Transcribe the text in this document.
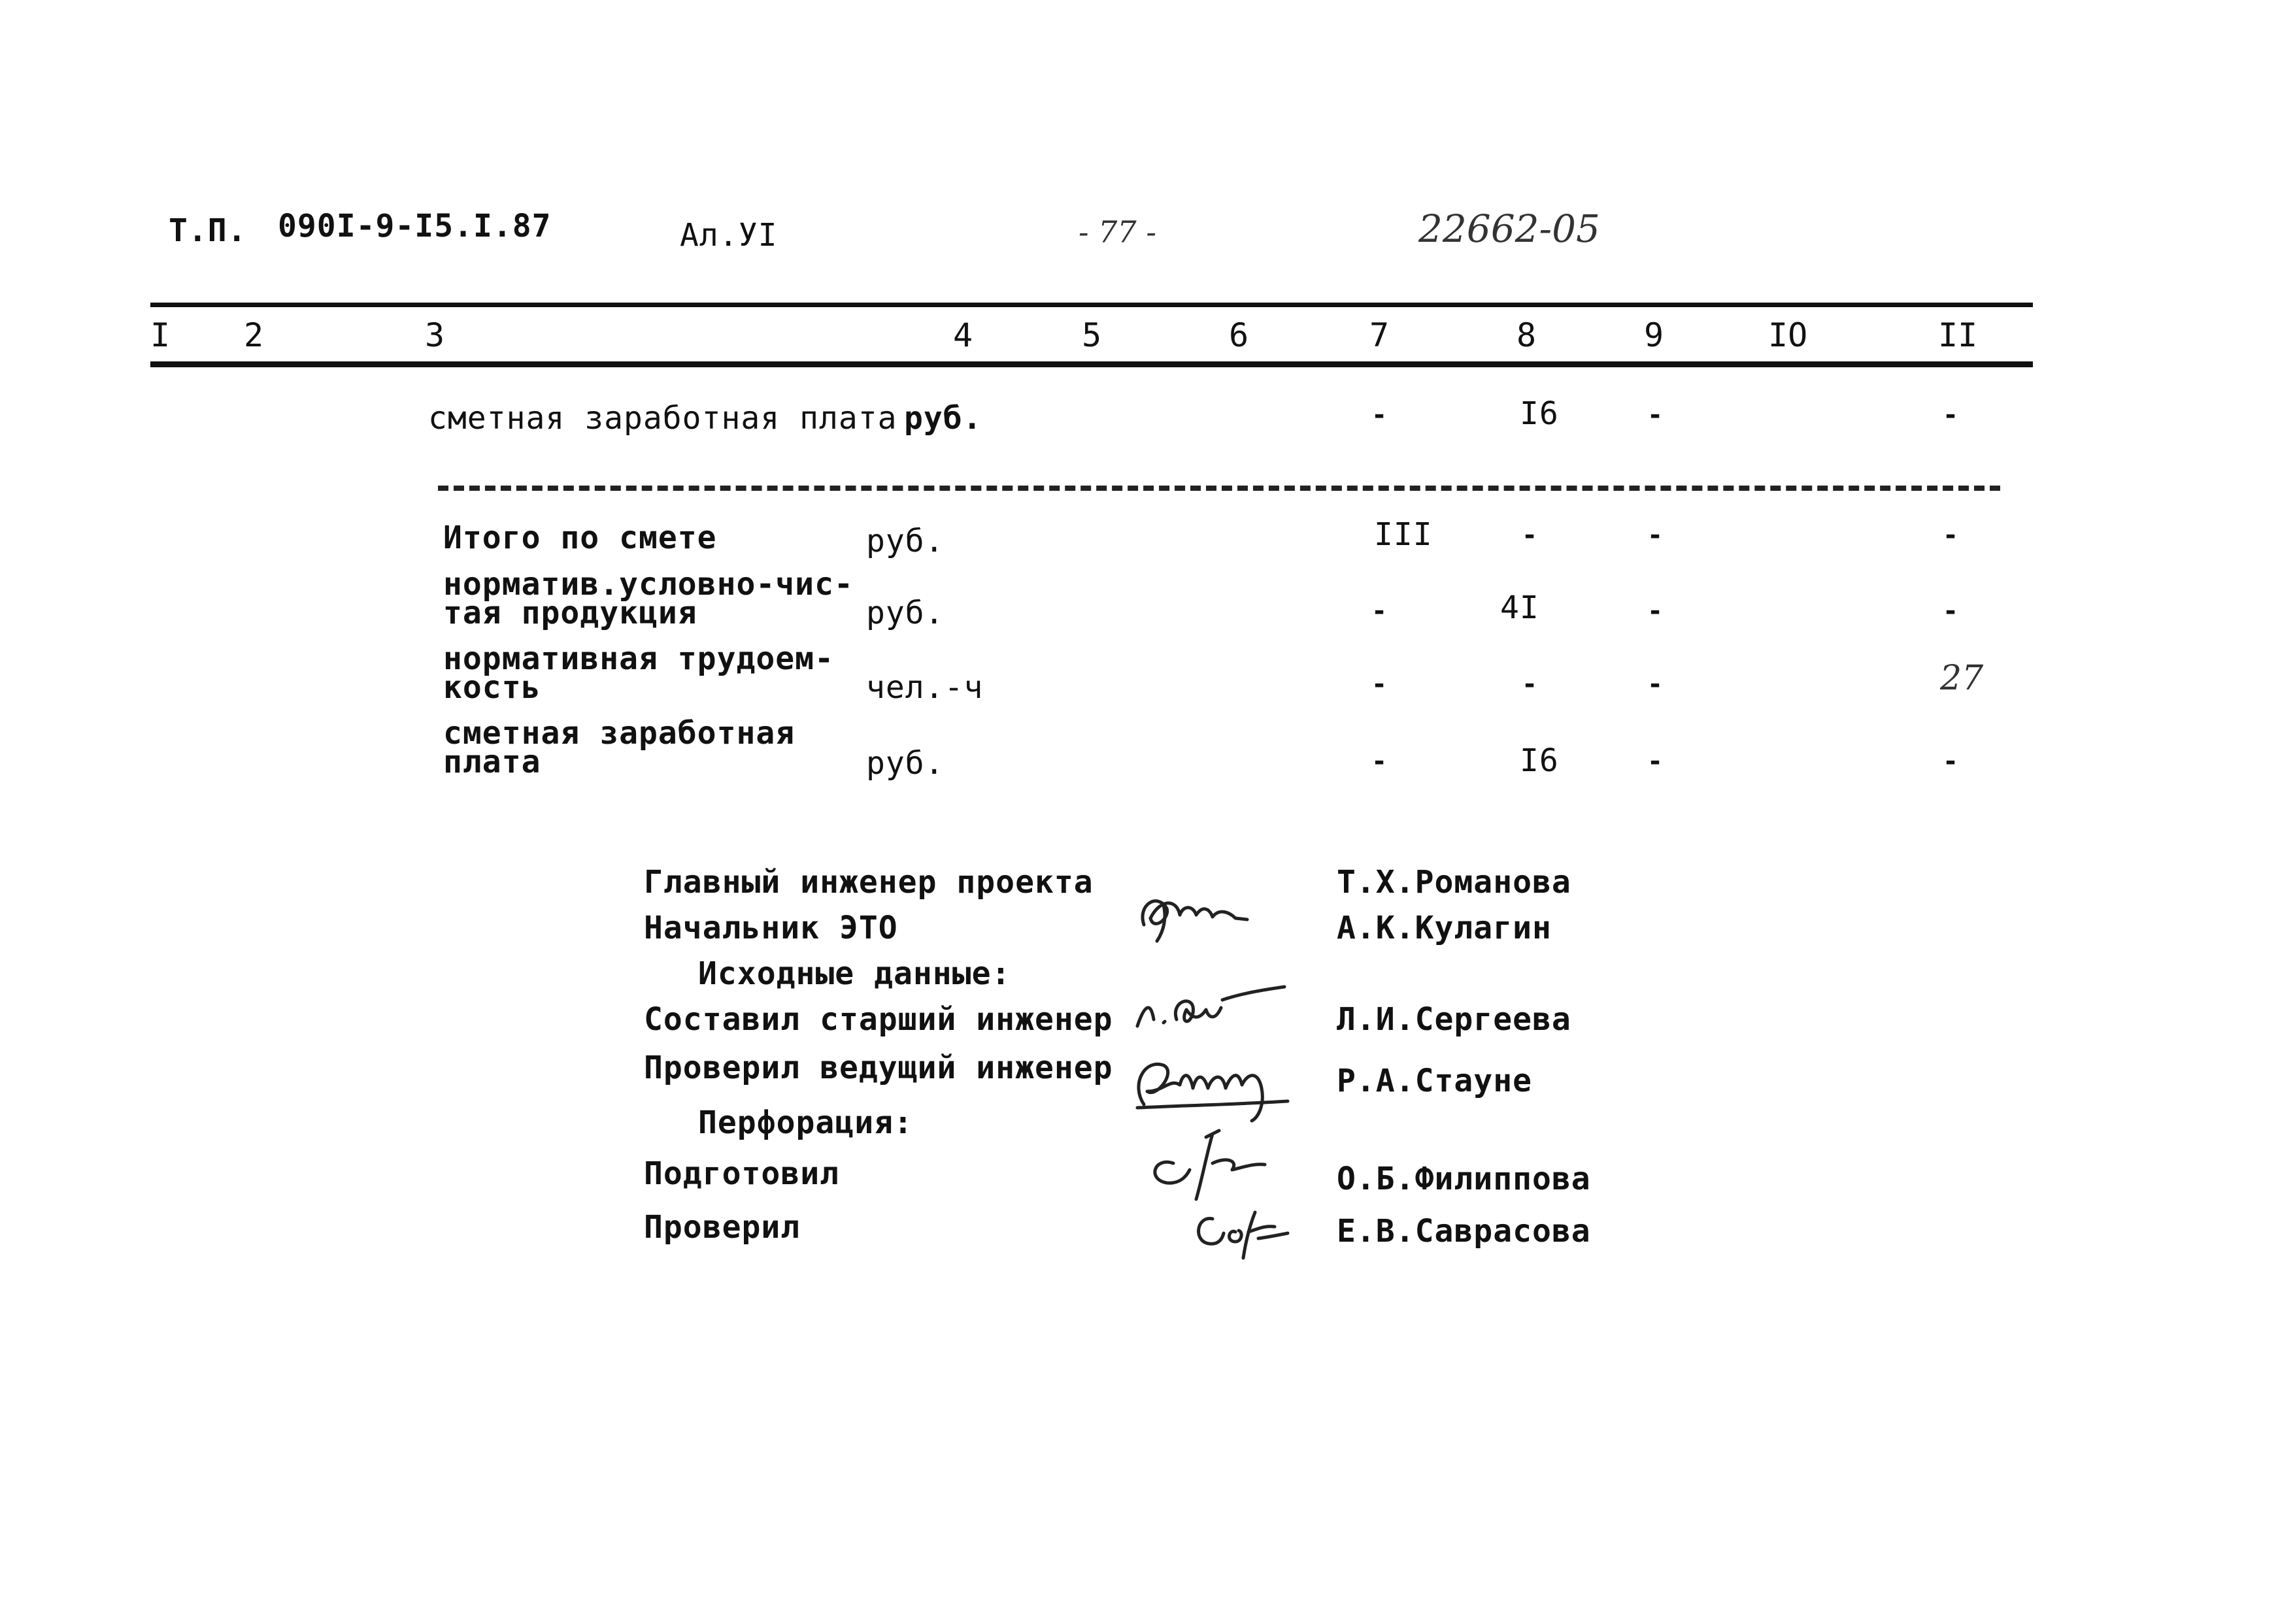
Т.П. 090I-9-I5.I.87	Ал.УI	- 77 -	22662-05
I 2	3	4	5	6	7	8	9	IO	II
сметная заработная плата руб.	-	I6	-	-
Итого по смете	руб.	III	-	-	-
норматив.условно-чис-
тая продукция	руб.	-	4I	-	-
нормативная трудоем-
кость	чел.-ч	-	-	-	27
сметная заработная
плата	руб.	-	I6	-	-
Главный инженер проекта	Т.Х.Романова
Начальник ЭТО	А.К.Кулагин
Исходные данные:
Составил старший инженер	Л.И.Сергеева
Проверил ведущий инженер	Р.А.Стауне
Перфорация:
Подготовил	О.Б.Филиппова
Проверил	Е.В.Саврасова
